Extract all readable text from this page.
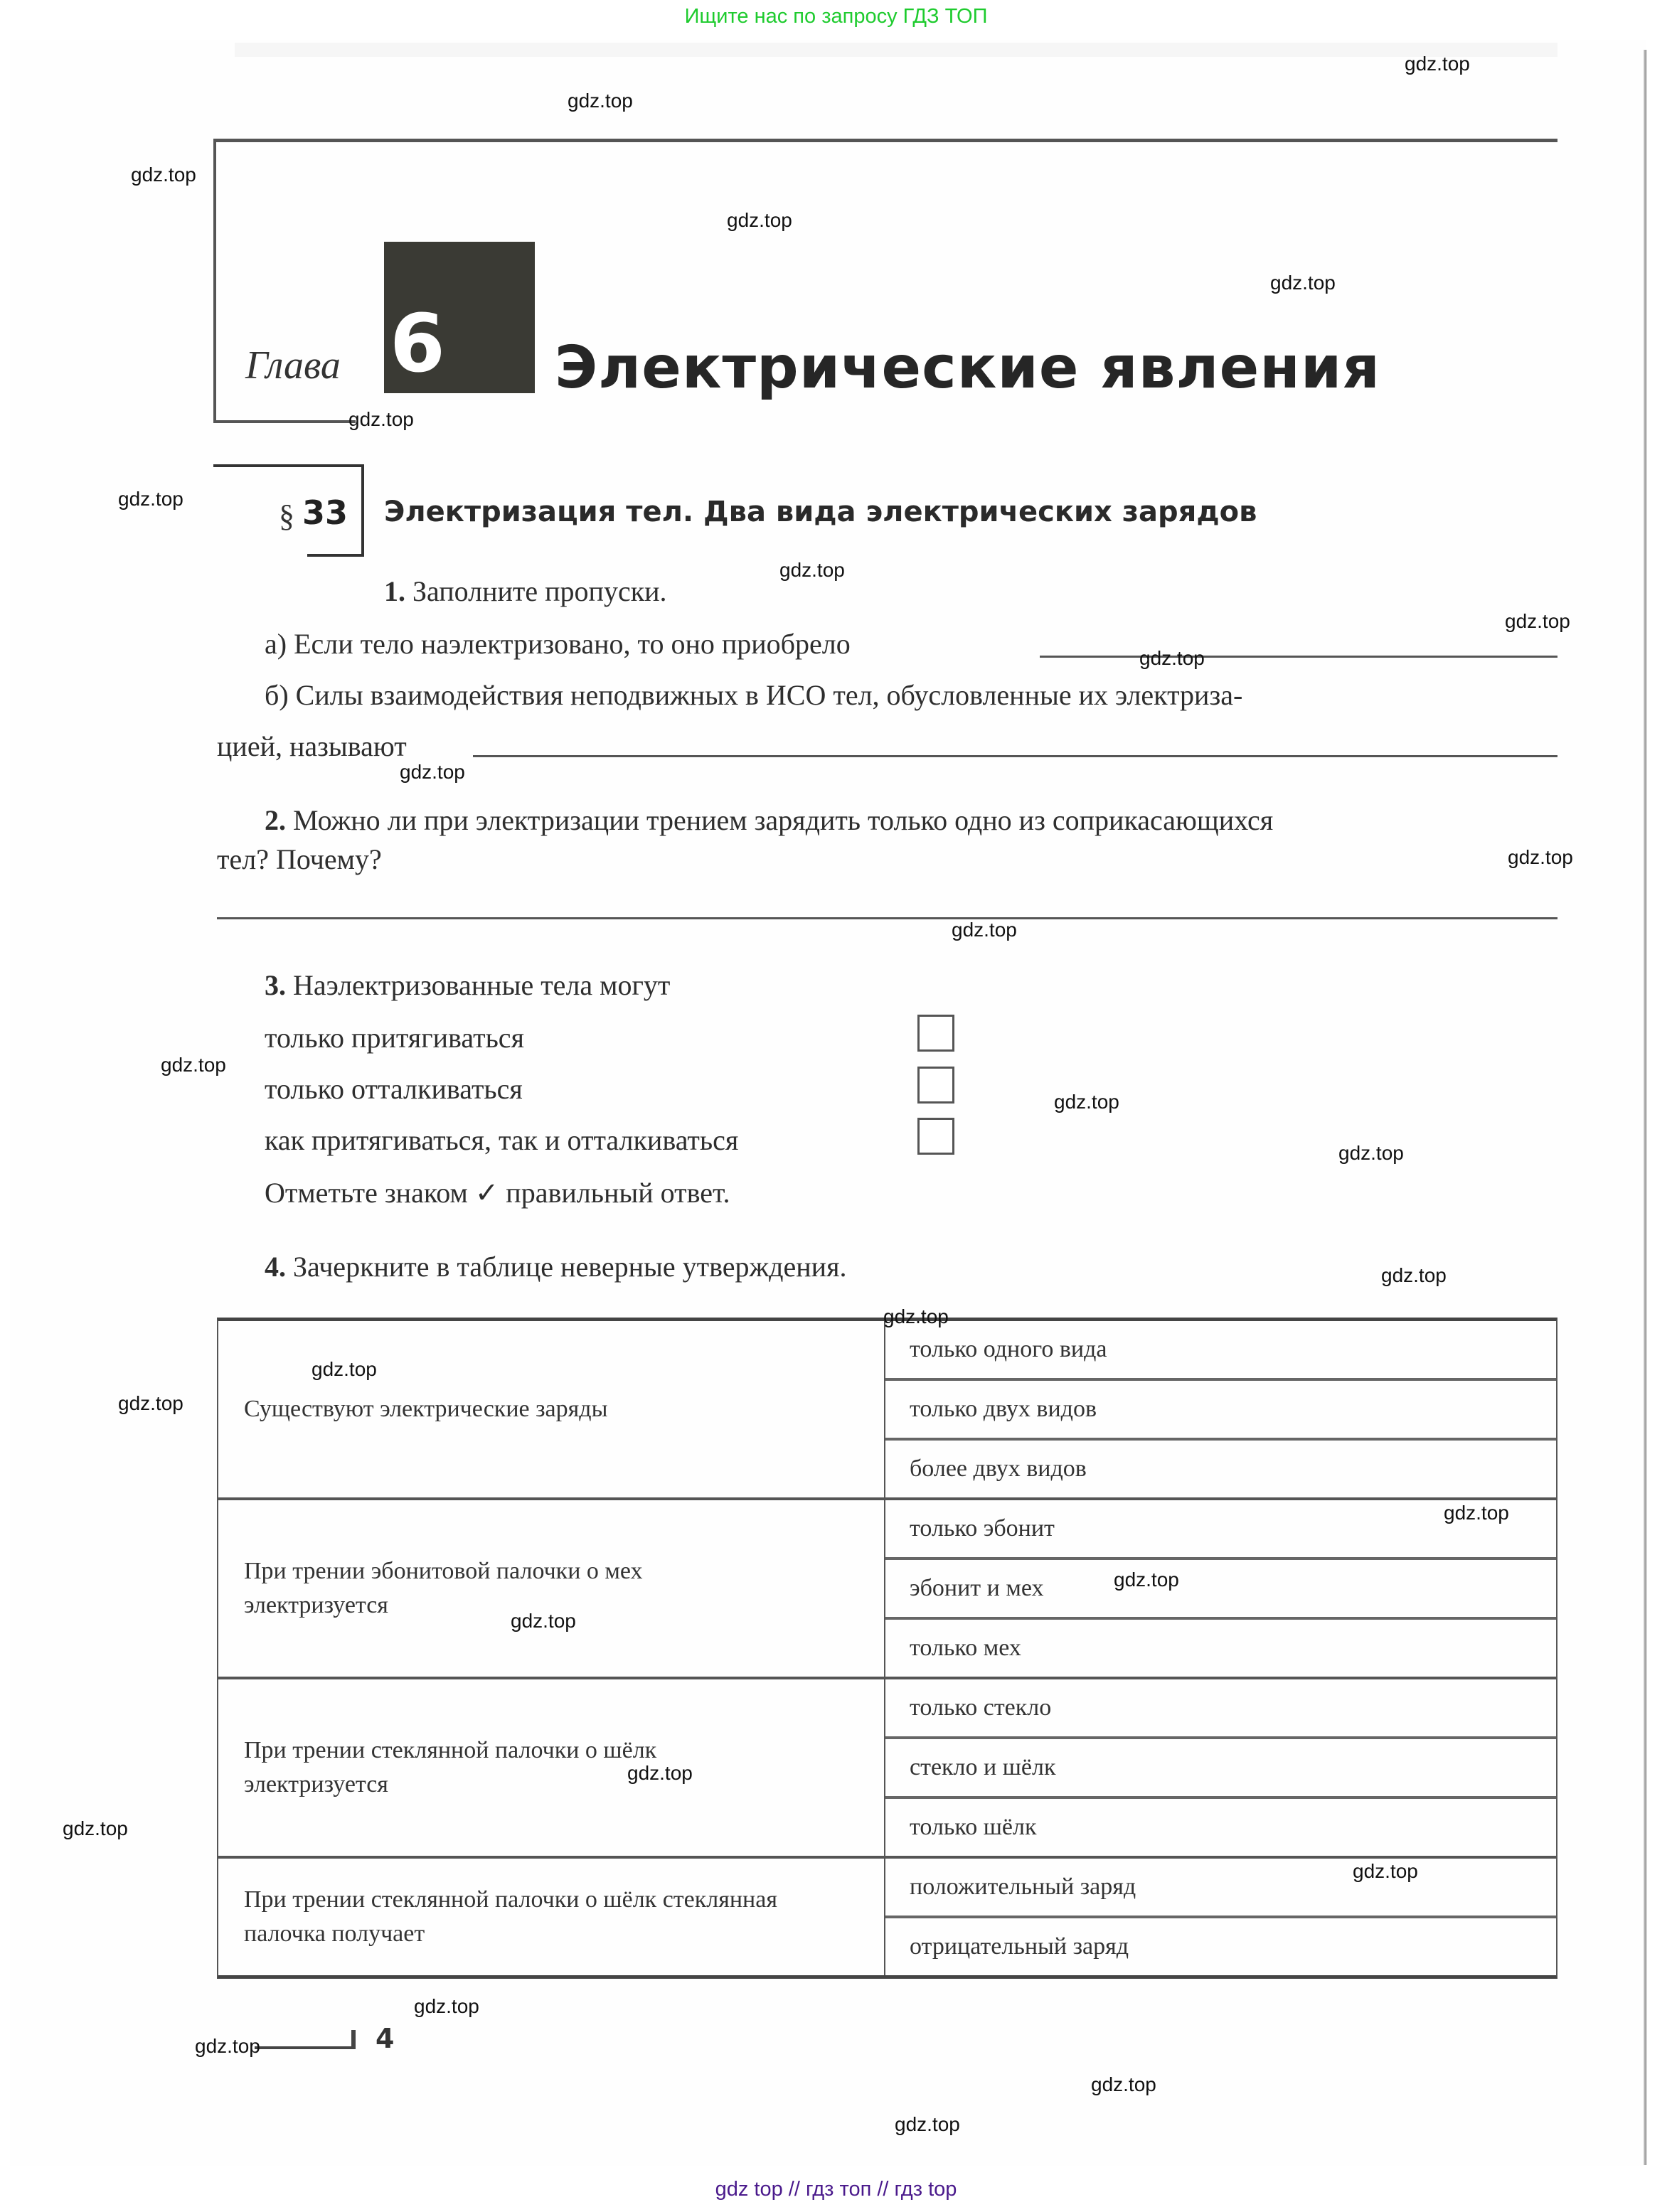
Ищите нас по запросу ГДЗ ТОП
Глава 6 Электрические явления
§ 33 Электризация тел. Два вида электрических зарядов
1. Заполните пропуски.
а) Если тело наэлектризовано, то оно приобрело
б) Силы взаимодействия неподвижных в ИСО тел, обусловленные их электриза-
цией, называют
2. Можно ли при электризации трением зарядить только одно из соприкасающихся
тел? Почему?
3. Наэлектризованные тела могут
только притягиваться
только отталкиваться
как притягиваться, так и отталкиваться
Отметьте знаком ✓ правильный ответ.
4. Зачеркните в таблице неверные утверждения.
Существуют электрические заряды
только одного вида
только двух видов
более двух видов
При трении эбонитовой палочки о мех электризуется
только эбонит
эбонит и мех
только мех
При трении стеклянной палочки о шёлк электризуется
только стекло
стекло и шёлк
только шёлк
При трении стеклянной палочки о шёлк стеклянная палочка получает
положительный заряд
отрицательный заряд
4
gdz.top
gdz.top
gdz.top
gdz.top
gdz.top
gdz.top
gdz.top
gdz.top
gdz.top
gdz.top
gdz.top
gdz.top
gdz.top
gdz.top
gdz.top
gdz.top
gdz.top
gdz.top
gdz.top
gdz.top
gdz.top
gdz.top
gdz.top
gdz.top
gdz.top
gdz.top
gdz.top
gdz.top
gdz.top
gdz.top
gdz top // гдз топ // гдз top
